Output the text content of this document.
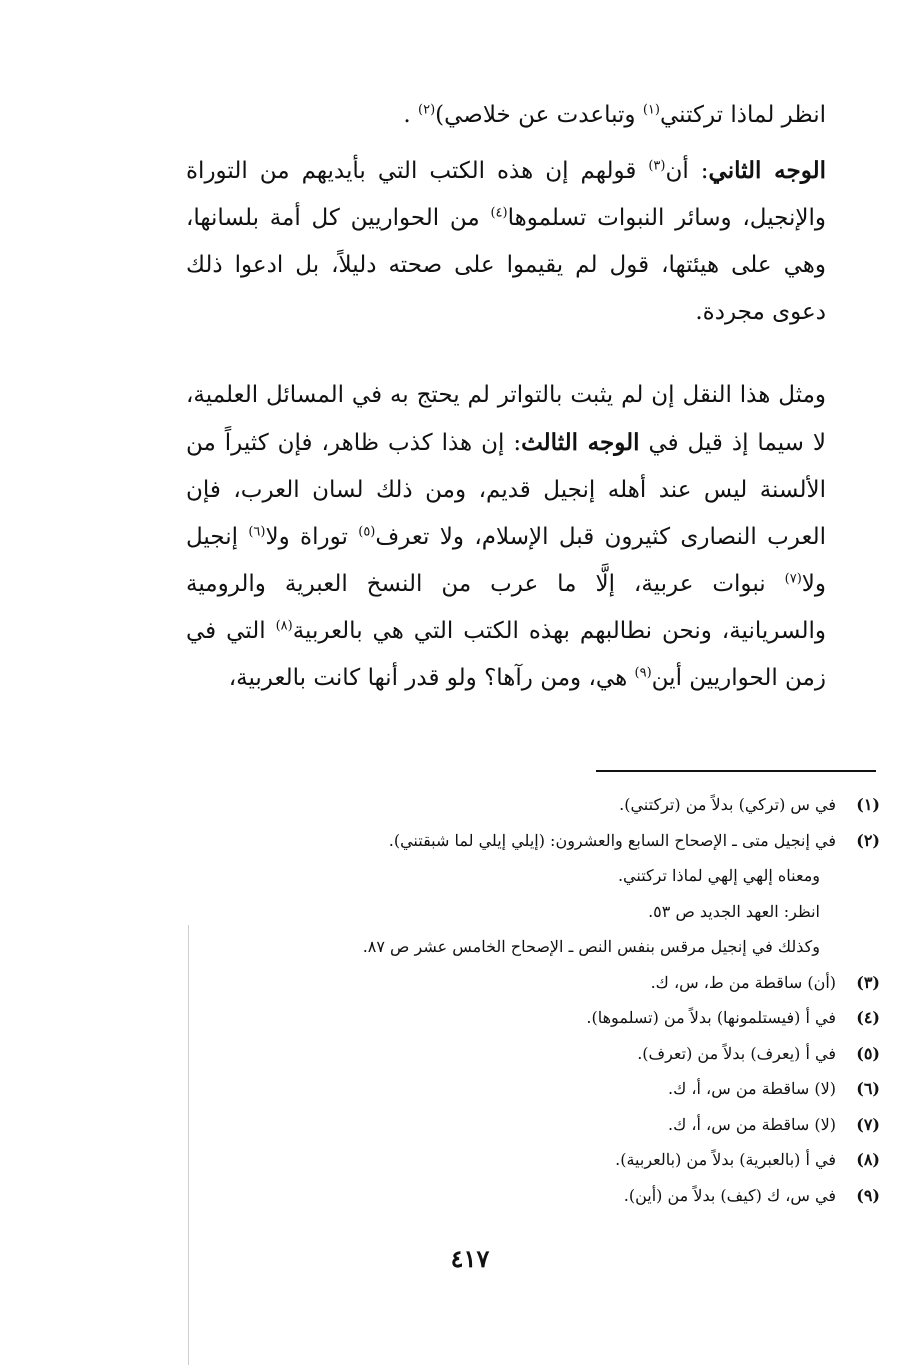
انظر لماذا تركتني$^{(١)}$ وتباعدت عن خلاصي)$^{(٢)}$ .

الوجه الثاني: أن$^{(٣)}$ قولهم إن هذه الكتب التي بأيديهم من التوراة والإنجيل، وسائر النبوات تسلموها$^{(٤)}$ من الحواريين كل أمة بلسانها، وهي على هيئتها، قول لم يقيموا على صحته دليلاً، بل ادعوا ذلك دعوى مجردة.

ومثل هذا النقل إن لم يثبت بالتواتر لم يحتج به في المسائل العلمية، لا سيما إذ قيل في الوجه الثالث: إن هذا كذب ظاهر، فإن كثيراً من الألسنة ليس عند أهله إنجيل قديم، ومن ذلك لسان العرب، فإن العرب النصارى كثيرون قبل الإسلام، ولا تعرف$^{(٥)}$ توراة ولا$^{(٦)}$ إنجيل ولا$^{(٧)}$ نبوات عربية، إلَّا ما عرب من النسخ العبرية والرومية والسريانية، ونحن نطالبهم بهذه الكتب التي هي بالعربية$^{(٨)}$ التي في زمن الحواريين أين$^{(٩)}$ هي، ومن رآها؟ ولو قدر أنها كانت بالعربية،

(١)
في س (تركي) بدلاً من (تركتني).
(٢)
في إنجيل متى ـ الإصحاح السابع والعشرون: (إيلي إيلي لما شبقتني).
ومعناه إلهي إلهي لماذا تركتني.
انظر: العهد الجديد ص ٥٣.
وكذلك في إنجيل مرقس بنفس النص ـ الإصحاح الخامس عشر ص ٨٧.
(٣)
(أن) ساقطة من ط، س، ك.
(٤)
في أ (فيستلمونها) بدلاً من (تسلموها).
(٥)
في أ (يعرف) بدلاً من (تعرف).
(٦)
(لا) ساقطة من س، أ، ك.
(٧)
(لا) ساقطة من س، أ، ك.
(٨)
في أ (بالعبرية) بدلاً من (بالعربية).
(٩)
في س، ك (كيف) بدلاً من (أين).
٤١٧
